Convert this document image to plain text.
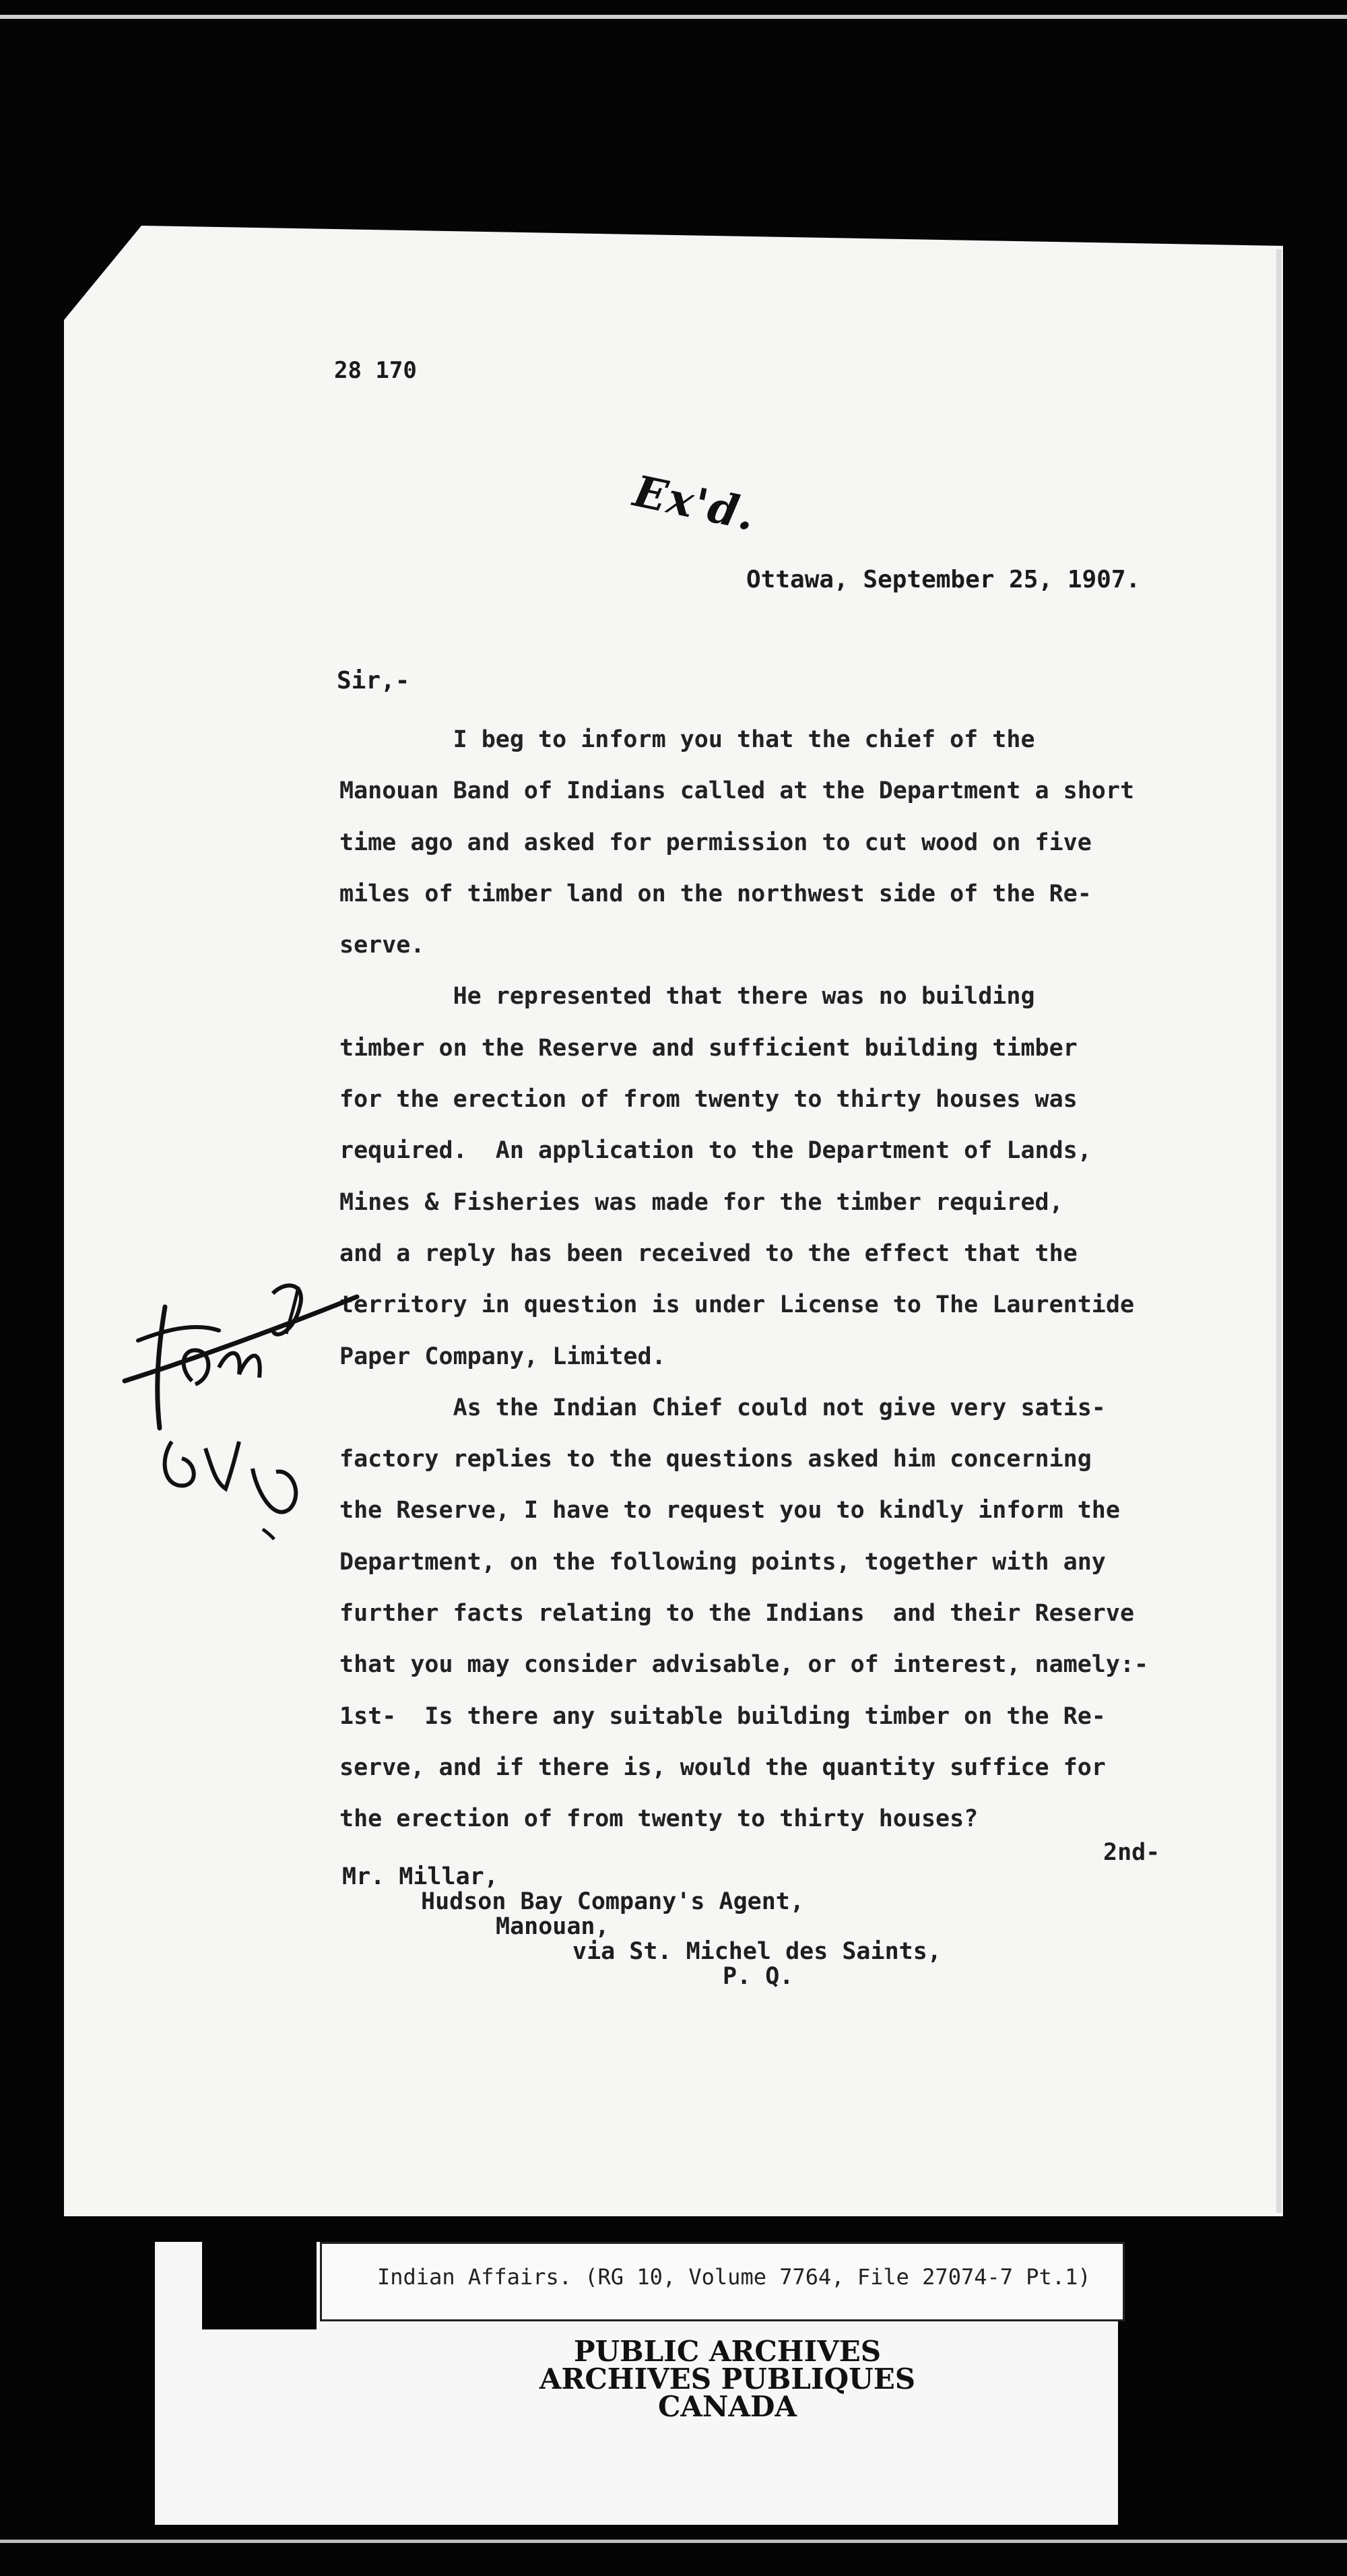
28 170
Ex'd.
Ottawa, September 25, 1907.
Sir,-

I beg to inform you that the chief of the

Manouan Band of Indians called at the Department a short

time ago and asked for permission to cut wood on five

miles of timber land on the northwest side of the Re-

serve.

He represented that there was no building

timber on the Reserve and sufficient building timber

for the erection of from twenty to thirty houses was

required.  An application to the Department of Lands,

Mines & Fisheries was made for the timber required,

and a reply has been received to the effect that the

territory in question is under License to The Laurentide

Paper Company, Limited.

As the Indian Chief could not give very satis-

factory replies to the questions asked him concerning

the Reserve, I have to request you to kindly inform the

Department, on the following points, together with any

further facts relating to the Indians  and their Reserve

that you may consider advisable, or of interest, namely:-

1st-  Is there any suitable building timber on the Re-

serve, and if there is, would the quantity suffice for

the erection of from twenty to thirty houses?

2nd-
Mr. Millar,
Hudson Bay Company's Agent,
Manouan,
via St. Michel des Saints,
P. Q.
Indian Affairs. (RG 10, Volume 7764, File 27074-7 Pt.1)
PUBLIC ARCHIVES
ARCHIVES PUBLIQUES
CANADA
